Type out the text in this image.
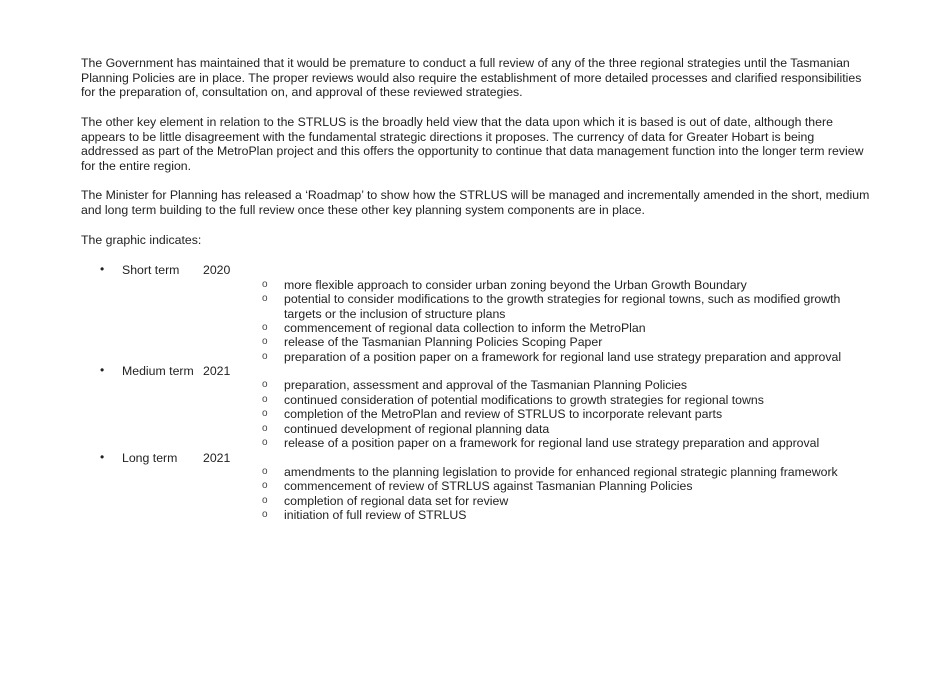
The Government has maintained that it would be premature to conduct a full review of any of the three regional strategies until the Tasmanian Planning Policies are in place. The proper reviews would also require the establishment of more detailed processes and clarified responsibilities for the preparation of, consultation on, and approval of these reviewed strategies.

The other key element in relation to the STRLUS is the broadly held view that the data upon which it is based is out of date, although there appears to be little disagreement with the fundamental strategic directions it proposes. The currency of data for Greater Hobart is being addressed as part of the MetroPlan project and this offers the opportunity to continue that data management function into the longer term review for the entire region.

The Minister for Planning has released a ‘Roadmap’ to show how the STRLUS will be managed and incrementally amended in the short, medium and long term building to the full review once these other key planning system components are in place.

The graphic indicates:

• Short term 2020
o more flexible approach to consider urban zoning beyond the Urban Growth Boundary
o potential to consider modifications to the growth strategies for regional towns, such as modified growth targets or the inclusion of structure plans
o commencement of regional data collection to inform the MetroPlan
o release of the Tasmanian Planning Policies Scoping Paper
o preparation of a position paper on a framework for regional land use strategy preparation and approval
• Medium term 2021
o preparation, assessment and approval of the Tasmanian Planning Policies
o continued consideration of potential modifications to growth strategies for regional towns
o completion of the MetroPlan and review of STRLUS to incorporate relevant parts
o continued development of regional planning data
o release of a position paper on a framework for regional land use strategy preparation and approval
• Long term 2021
o amendments to the planning legislation to provide for enhanced regional strategic planning framework
o commencement of review of STRLUS against Tasmanian Planning Policies
o completion of regional data set for review
o initiation of full review of STRLUS
